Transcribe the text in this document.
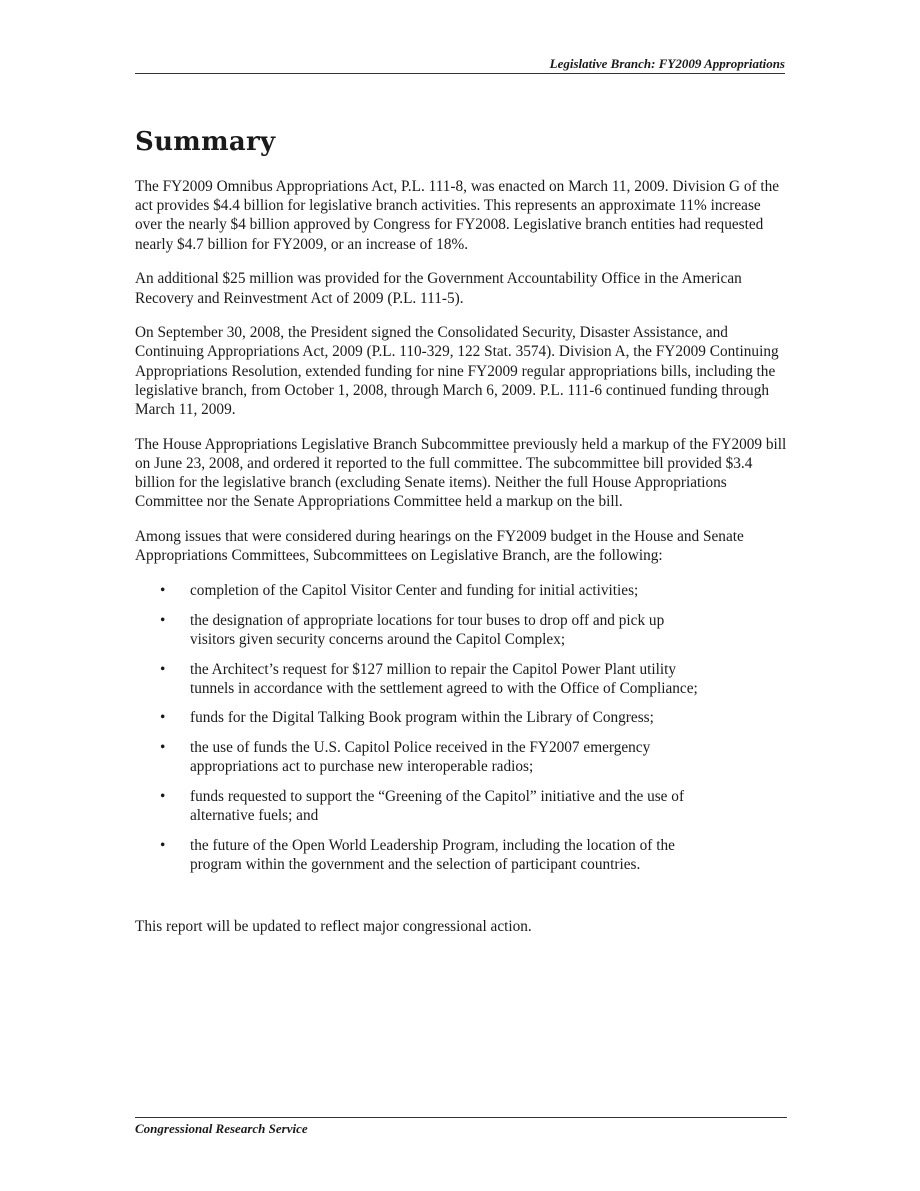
Legislative Branch: FY2009 Appropriations
Summary

The FY2009 Omnibus Appropriations Act, P.L. 111-8, was enacted on March 11, 2009. Division G of the act provides $4.4 billion for legislative branch activities. This represents an approximate 11% increase over the nearly $4 billion approved by Congress for FY2008. Legislative branch entities had requested nearly $4.7 billion for FY2009, or an increase of 18%.

An additional $25 million was provided for the Government Accountability Office in the American Recovery and Reinvestment Act of 2009 (P.L. 111-5).

On September 30, 2008, the President signed the Consolidated Security, Disaster Assistance, and Continuing Appropriations Act, 2009 (P.L. 110-329, 122 Stat. 3574). Division A, the FY2009 Continuing Appropriations Resolution, extended funding for nine FY2009 regular appropriations bills, including the legislative branch, from October 1, 2008, through March 6, 2009. P.L. 111-6 continued funding through March 11, 2009.

The House Appropriations Legislative Branch Subcommittee previously held a markup of the FY2009 bill on June 23, 2008, and ordered it reported to the full committee. The subcommittee bill provided $3.4 billion for the legislative branch (excluding Senate items). Neither the full House Appropriations Committee nor the Senate Appropriations Committee held a markup on the bill.

Among issues that were considered during hearings on the FY2009 budget in the House and Senate Appropriations Committees, Subcommittees on Legislative Branch, are the following:

• completion of the Capitol Visitor Center and funding for initial activities;
• the designation of appropriate locations for tour buses to drop off and pick up visitors given security concerns around the Capitol Complex;
• the Architect’s request for $127 million to repair the Capitol Power Plant utility tunnels in accordance with the settlement agreed to with the Office of Compliance;
• funds for the Digital Talking Book program within the Library of Congress;
• the use of funds the U.S. Capitol Police received in the FY2007 emergency appropriations act to purchase new interoperable radios;
• funds requested to support the “Greening of the Capitol” initiative and the use of alternative fuels; and
• the future of the Open World Leadership Program, including the location of the program within the government and the selection of participant countries.

This report will be updated to reflect major congressional action.

Congressional Research Service
